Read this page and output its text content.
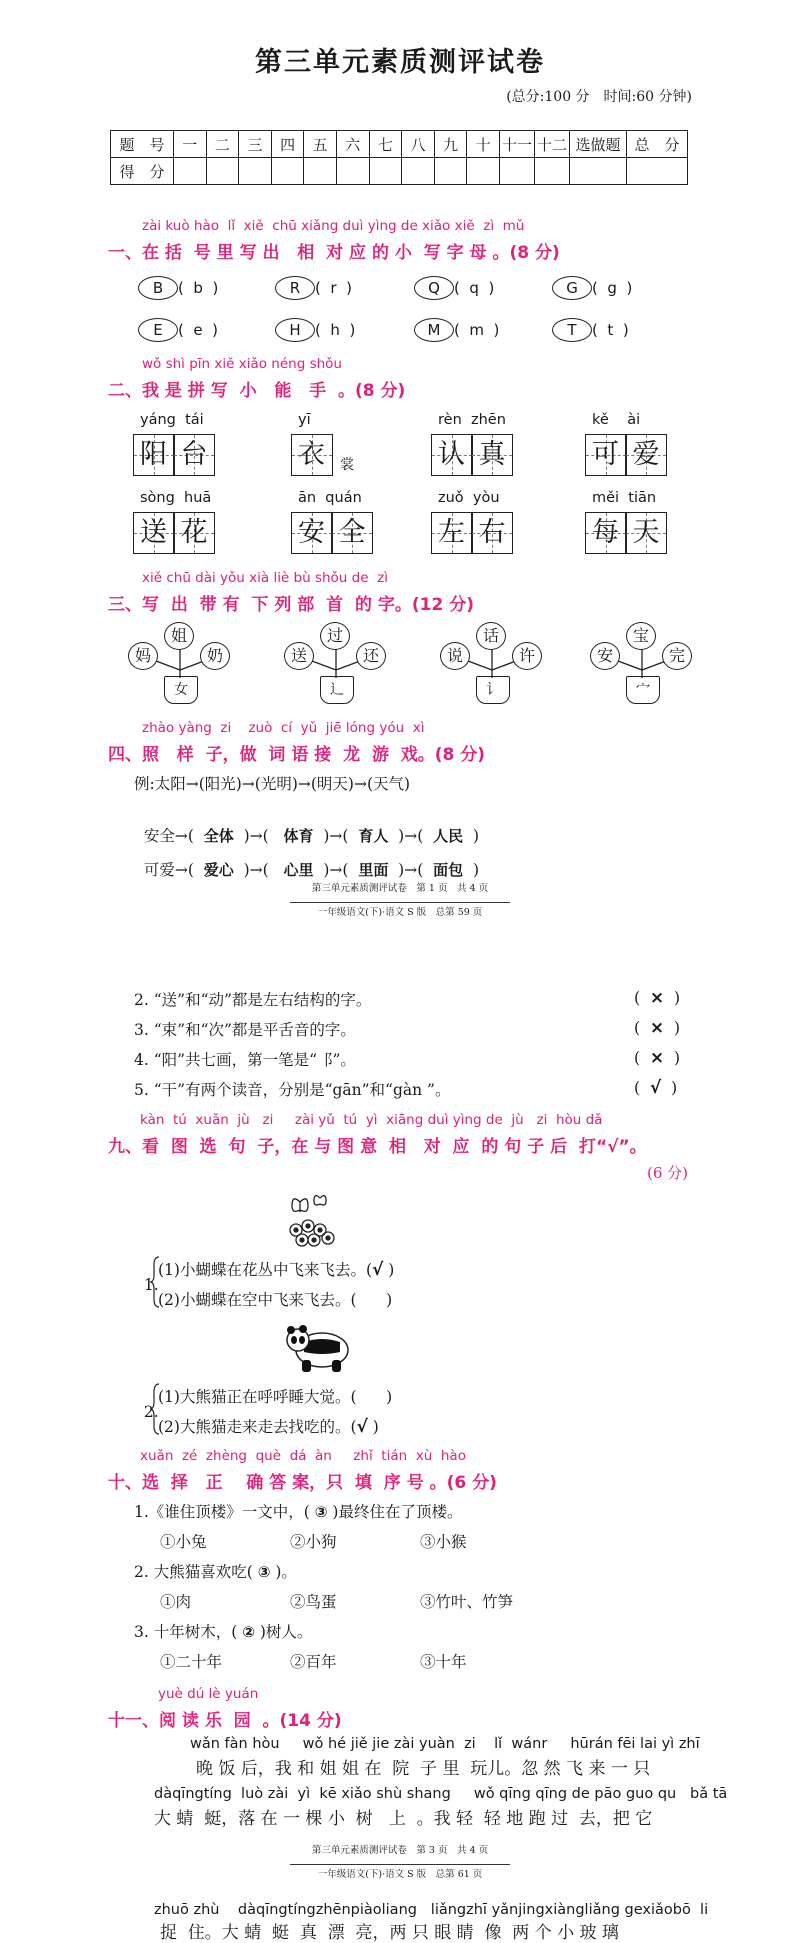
第三单元素质测评试卷
(总分:100 分　时间:60 分钟)
题　号	一	二	三	四	五	六	七	八	九	十	十一	十二	选做题	总　分
得　分														
zài kuò hào  lǐ  xiě  chū xiǎng duì yìng de xiǎo xiě  zì  mǔ
一、在 括  号 里 写 出   相  对 应 的 小  写 字 母 。(8 分)
B (  b  )	R (  r  )	Q (  q  )	G (  g  )
E (  e  )	H (  h  )	M (  m  )	T (  t  )
wǒ shì pīn xiě xiǎo néng shǒu
二、我 是 拼 写  小   能   手  。(8 分)
yáng  tái
阳 台
yī
衣	裳
rèn  zhēn
认 真
kě    ài
可 爱
sòng  huā
送 花
ān  quán
安 全
zuǒ  yòu
左 右
měi  tiān
每 天
xiě chū dài yǒu xià liè bù shǒu de  zì
三、写  出  带 有  下 列 部  首  的 字。(12 分)
妈
姐
奶
女
送
过
还
辶
说
话
许
讠
安
宝
完
宀
zhào yàng  zi    zuò  cí  yǔ  jiē lóng yóu  xì
四、照   样  子，做  词 语 接  龙  游  戏。(8 分)
例:太阳→(阳光)→(光明)→(明天)→(天气)

安全→( 全体  )→(   体育  )→(  育人  )→(  人民  )

可爱→( 爱心  )→(   心里  )→(  里面  )→(  面包  )

第三单元素质测评试卷　第 1 页　共 4 页
一年级语文(下)·语文 S 版　总第 59 页
2. “送”和“动”都是左右结构的字。	(  ×  )
3. “束”和“次”都是平舌音的字。	(  ×  )
4. “阳”共七画，第一笔是“⻏”。	(  ×  )
5. “干”有两个读音，分别是“gān”和“gàn ”。	(  √  )
kàn  tú  xuǎn  jù   zi     zài yǔ  tú  yì  xiāng duì yìng de  jù   zi  hòu dǎ
九、看  图  选  句  子，在 与 图 意  相   对  应  的 句 子 后  打“√”。
(6 分)

1.

(1)小蝴蝶在花丛中飞来飞去。(√ )
(2)小蝴蝶在空中飞来飞去。(      )

2.

(1)大熊猫正在呼呼睡大觉。(      )
(2)大熊猫走来走去找吃的。(√ )
xuǎn  zé  zhèng  què  dá  àn     zhǐ  tián  xù  hào
十、选  择   正    确 答 案，只  填  序 号 。(6 分)
1.《谁住顶楼》一文中，( ③ )最终住在了顶楼。
①小兔	②小狗	③小猴
2. 大熊猫喜欢吃( ③ )。
①肉	②鸟蛋	③竹叶、竹笋
3. 十年树木，( ② )树人。
①二十年	②百年	③十年
yuè dú lè yuán
十一、阅 读 乐  园  。(14 分)
wǎn fàn hòu     wǒ hé jiě jie zài yuàn  zi    lǐ  wánr     hūrán fēi lai yì zhī
晚 饭 后，我 和 姐 姐 在  院  子 里  玩儿。忽 然 飞 来 一 只
dàqīngtíng  luò zài  yì  kē xiǎo shù shang     wǒ qīng qīng de pāo guo qu   bǎ tā
大 蜻  蜓，落 在 一 棵 小  树   上  。我 轻  轻 地 跑 过  去，把 它
第三单元素质测评试卷　第 3 页　共 4 页
一年级语文(下)·语文 S 版　总第 61 页
zhuō zhù    dàqīngtíngzhēnpiàoliang   liǎngzhī yǎnjingxiàngliǎng gexiǎobō  li
捉  住。大 蜻  蜓  真  漂  亮，两 只 眼 睛  像  两 个 小 玻 璃
